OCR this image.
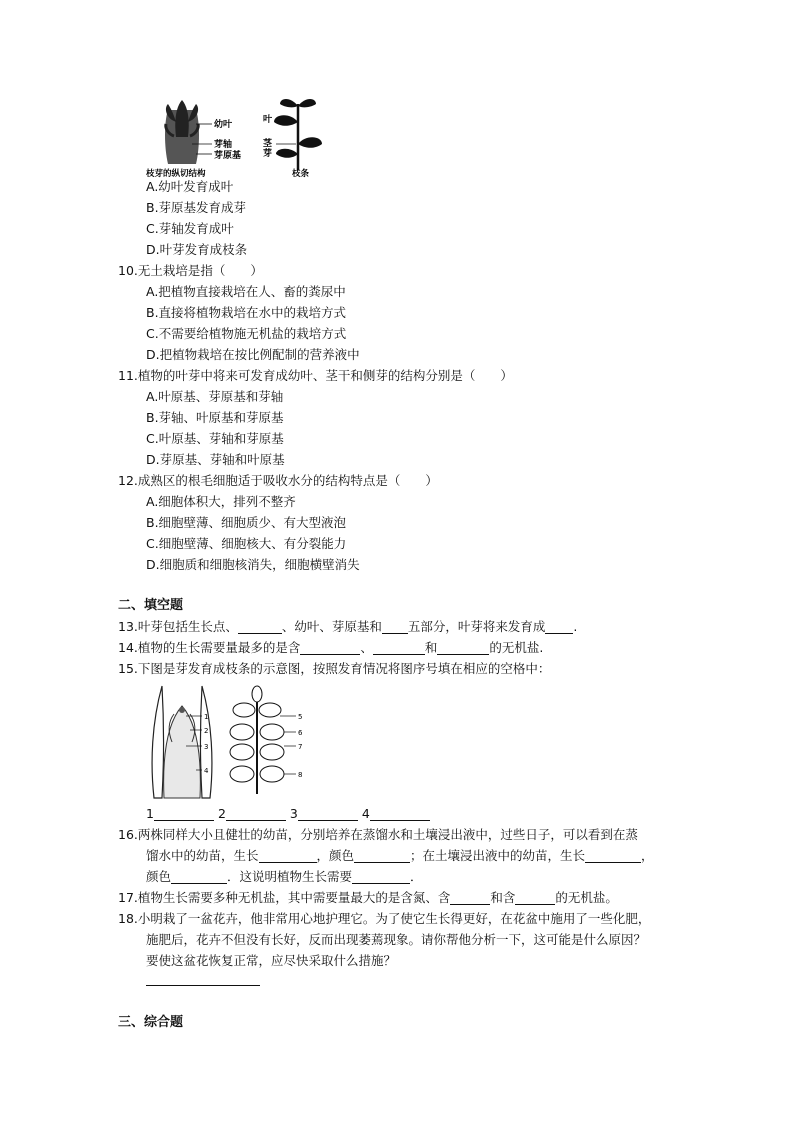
幼叶
芽轴
芽原基
枝芽的纵切结构
叶
茎
芽
枝条
A.幼叶发育成叶
B.芽原基发育成芽
C.芽轴发育成叶
D.叶芽发育成枝条
10.无土栽培是指（　　）
A.把植物直接栽培在人、畜的粪尿中
B.直接将植物栽培在水中的栽培方式
C.不需要给植物施无机盐的栽培方式
D.把植物栽培在按比例配制的营养液中
11.植物的叶芽中将来可发育成幼叶、茎干和侧芽的结构分别是（　　）
A.叶原基、芽原基和芽轴
B.芽轴、叶原基和芽原基
C.叶原基、芽轴和芽原基
D.芽原基、芽轴和叶原基
12.成熟区的根毛细胞适于吸收水分的结构特点是（　　）
A.细胞体积大，排列不整齐
B.细胞壁薄、细胞质少、有大型液泡
C.细胞壁薄、细胞核大、有分裂能力
D.细胞质和细胞核消失，细胞横壁消失
二、填空题
13.叶芽包括生长点、	、幼叶、芽原基和 五部分，叶芽将来发育成 .
14.植物的生长需要量最多的是含	、	和	的无机盐.
15.下图是芽发育成枝条的示意图，按照发育情况将图序号填在相应的空格中：
1
2
3
4
5
6
7
8
1	2	3	4
16.两株同样大小且健壮的幼苗，分别培养在蒸馏水和土壤浸出液中，过些日子，可以看到在蒸
馏水中的幼苗，生长	，颜色	；在土壤浸出液中的幼苗，生长	，
颜色	．这说明植物生长需要	．
17.植物生长需要多种无机盐，其中需要量最大的是含氮、含	和含	的无机盐。
18.小明栽了一盆花卉，他非常用心地护理它。为了使它生长得更好，在花盆中施用了一些化肥，
施肥后，花卉不但没有长好，反而出现萎蔫现象。请你帮他分析一下，这可能是什么原因？
要使这盆花恢复正常，应尽快采取什么措施？
三、综合题
